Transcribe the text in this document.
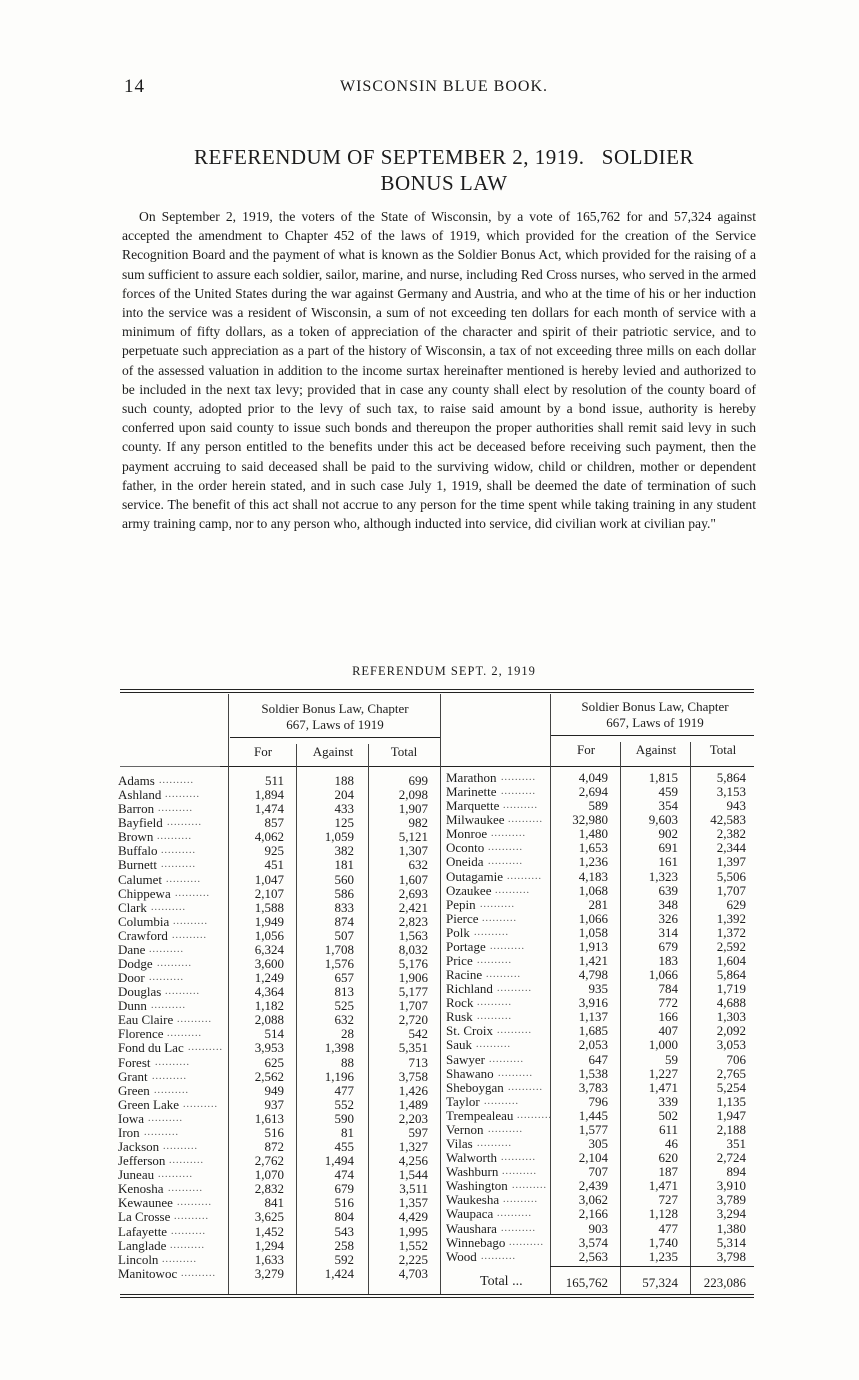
14	WISCONSIN BLUE BOOK.
REFERENDUM OF SEPTEMBER 2, 1919.   SOLDIER
BONUS LAW

On September 2, 1919, the voters of the State of Wisconsin, by a vote of 165,762 for and 57,324 against accepted the amendment to Chapter 452 of the laws of 1919, which provided for the creation of the Service Recognition Board and the payment of what is known as the Soldier Bonus Act, which provided for the raising of a sum sufficient to assure each soldier, sailor, marine, and nurse, including Red Cross nurses, who served in the armed forces of the United States during the war against Germany and Austria, and who at the time of his or her induction into the service was a resident of Wisconsin, a sum of not exceeding ten dollars for each month of service with a minimum of fifty dollars, as a token of appreciation of the character and spirit of their patriotic service, and to perpetuate such appreciation as a part of the history of Wisconsin, a tax of not exceeding three mills on each dollar of the assessed valuation in addition to the income surtax hereinafter mentioned is hereby levied and authorized to be included in the next tax levy; provided that in case any county shall elect by resolution of the county board of such county, adopted prior to the levy of such tax, to raise said amount by a bond issue, authority is hereby conferred upon said county to issue such bonds and thereupon the proper authorities shall remit said levy in such county. If any person entitled to the benefits under this act be deceased before receiving such payment, then the payment accruing to said deceased shall be paid to the surviving widow, child or children, mother or dependent father, in the order herein stated, and in such case July 1, 1919, shall be deemed the date of termination of such service. The benefit of this act shall not accrue to any person for the time spent while taking training in any student army training camp, nor to any person who, although inducted into service, did civilian work at civilian pay."

REFERENDUM SEPT. 2, 1919
Soldier Bonus Law, Chapter
667, Laws of 1919
Soldier Bonus Law, Chapter
667, Laws of 1919
For	Against	Total	For	Against	Total
Adams ..........	511	188	699
Ashland ..........	1,894	204	2,098
Barron ..........	1,474	433	1,907
Bayfield ..........	857	125	982
Brown ..........	4,062	1,059	5,121
Buffalo ..........	925	382	1,307
Burnett ..........	451	181	632
Calumet ..........	1,047	560	1,607
Chippewa ..........	2,107	586	2,693
Clark ..........	1,588	833	2,421
Columbia ..........	1,949	874	2,823
Crawford ..........	1,056	507	1,563
Dane ..........	6,324	1,708	8,032
Dodge ..........	3,600	1,576	5,176
Door ..........	1,249	657	1,906
Douglas ..........	4,364	813	5,177
Dunn ..........	1,182	525	1,707
Eau Claire ..........	2,088	632	2,720
Florence ..........	514	28	542
Fond du Lac ..........	3,953	1,398	5,351
Forest ..........	625	88	713
Grant ..........	2,562	1,196	3,758
Green ..........	949	477	1,426
Green Lake ..........	937	552	1,489
Iowa ..........	1,613	590	2,203
Iron ..........	516	81	597
Jackson ..........	872	455	1,327
Jefferson ..........	2,762	1,494	4,256
Juneau ..........	1,070	474	1,544
Kenosha ..........	2,832	679	3,511
Kewaunee ..........	841	516	1,357
La Crosse ..........	3,625	804	4,429
Lafayette ..........	1,452	543	1,995
Langlade ..........	1,294	258	1,552
Lincoln ..........	1,633	592	2,225
Manitowoc ..........	3,279	1,424	4,703
Marathon ..........	4,049	1,815	5,864
Marinette ..........	2,694	459	3,153
Marquette ..........	589	354	943
Milwaukee ..........	32,980	9,603	42,583
Monroe ..........	1,480	902	2,382
Oconto ..........	1,653	691	2,344
Oneida ..........	1,236	161	1,397
Outagamie ..........	4,183	1,323	5,506
Ozaukee ..........	1,068	639	1,707
Pepin ..........	281	348	629
Pierce ..........	1,066	326	1,392
Polk ..........	1,058	314	1,372
Portage ..........	1,913	679	2,592
Price ..........	1,421	183	1,604
Racine ..........	4,798	1,066	5,864
Richland ..........	935	784	1,719
Rock ..........	3,916	772	4,688
Rusk ..........	1,137	166	1,303
St. Croix ..........	1,685	407	2,092
Sauk ..........	2,053	1,000	3,053
Sawyer ..........	647	59	706
Shawano ..........	1,538	1,227	2,765
Sheboygan ..........	3,783	1,471	5,254
Taylor ..........	796	339	1,135
Trempealeau ..........	1,445	502	1,947
Vernon ..........	1,577	611	2,188
Vilas ..........	305	46	351
Walworth ..........	2,104	620	2,724
Washburn ..........	707	187	894
Washington ..........	2,439	1,471	3,910
Waukesha ..........	3,062	727	3,789
Waupaca ..........	2,166	1,128	3,294
Waushara ..........	903	477	1,380
Winnebago ..........	3,574	1,740	5,314
Wood ..........	2,563	1,235	3,798
Total ...	165,762	57,324	223,086
